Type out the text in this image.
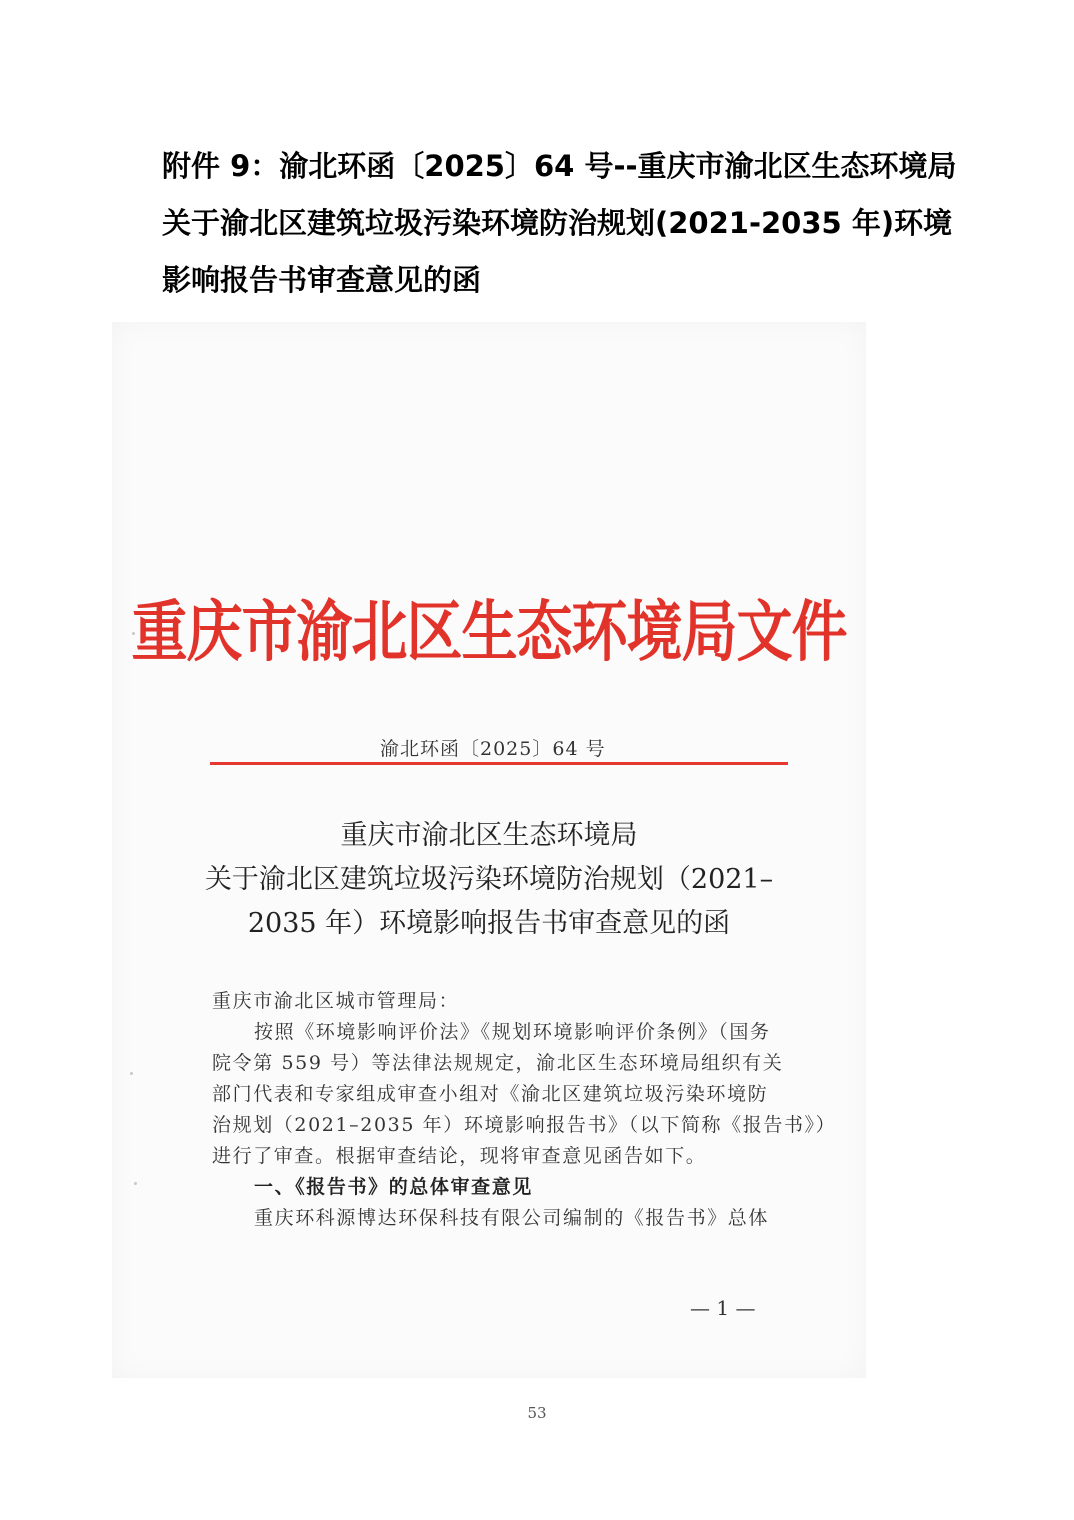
附件 9：渝北环函〔2025〕64 号--重庆市渝北区生态环境局
关于渝北区建筑垃圾污染环境防治规划(2021-2035 年)环境
影响报告书审查意见的函
重庆市渝北区生态环境局文件
渝北环函〔2025〕64 号
重庆市渝北区生态环境局
关于渝北区建筑垃圾污染环境防治规划（2021–
2035 年）环境影响报告书审查意见的函

重庆市渝北区城市管理局：

按照《环境影响评价法》《规划环境影响评价条例》（国务

院令第 559 号）等法律法规规定，渝北区生态环境局组织有关

部门代表和专家组成审查小组对《渝北区建筑垃圾污染环境防

治规划（2021–2035 年）环境影响报告书》（以下简称《报告书》）

进行了审查。根据审查结论，现将审查意见函告如下。

一、《报告书》的总体审查意见

重庆环科源博达环保科技有限公司编制的《报告书》总体

— 1 —
53
